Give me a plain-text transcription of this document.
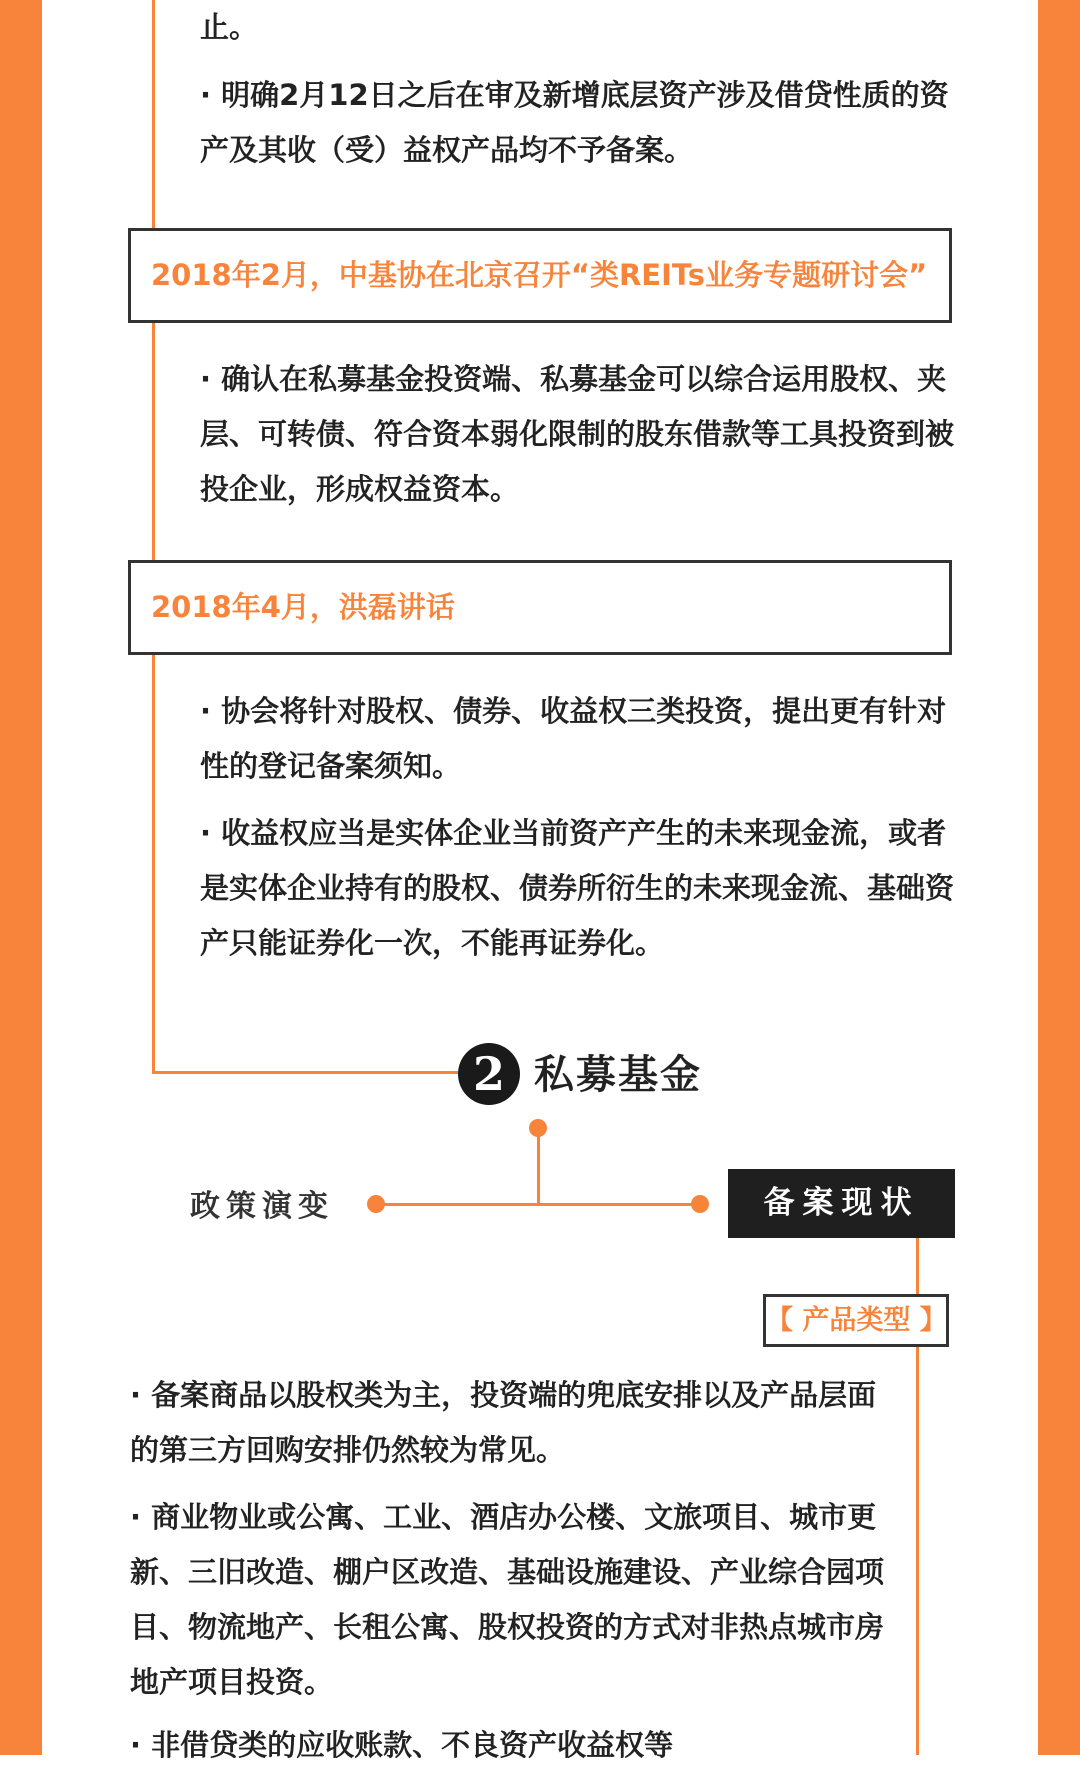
止。

· 明确2月12日之后在审及新增底层资产涉及借贷性质的资产及其收（受）益权产品均不予备案。

2018年2月，中基协在北京召开“类REITs业务专题研讨会”

· 确认在私募基金投资端、私募基金可以综合运用股权、夹层、可转债、符合资本弱化限制的股东借款等工具投资到被投企业，形成权益资本。

2018年4月，洪磊讲话

· 协会将针对股权、债券、收益权三类投资，提出更有针对性的登记备案须知。

· 收益权应当是实体企业当前资产产生的未来现金流，或者是实体企业持有的股权、债券所衍生的未来现金流、基础资产只能证券化一次，不能再证券化。

2 私募基金
政策演变	备案现状
【 产品类型 】

· 备案商品以股权类为主，投资端的兜底安排以及产品层面的第三方回购安排仍然较为常见。

· 商业物业或公寓、工业、酒店办公楼、文旅项目、城市更新、三旧改造、棚户区改造、基础设施建设、产业综合园项目、物流地产、长租公寓、股权投资的方式对非热点城市房地产项目投资。

· 非借贷类的应收账款、不良资产收益权等
